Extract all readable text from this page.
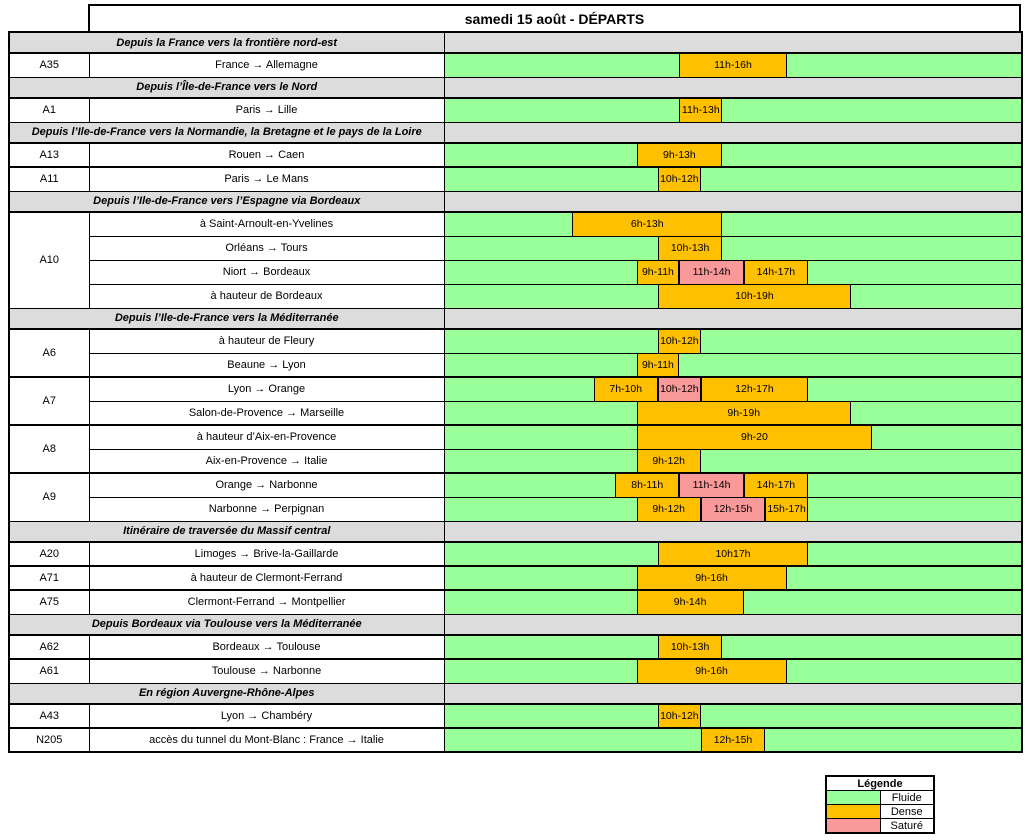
samedi 15 août - DÉPARTS
Depuis la France vers la frontière nord-est		
A35	France → Allemagne	11h-16h

Depuis l’Île-de-France vers le Nord		
A1	Paris → Lille	11h-13h

Depuis l’Ile-de-France vers la Normandie, la Bretagne et le pays de la Loire		
A13	Rouen → Caen	9h-13h

A11	Paris → Le Mans	10h-12h

Depuis l’Ile-de-France vers l’Espagne via Bordeaux		
A10	à Saint-Arnoult-en-Yvelines	6h-13h

	Orléans → Tours	10h-13h

	Niort → Bordeaux	9h-11h 11h-14h 14h-17h

	à hauteur de Bordeaux	10h-19h

Depuis l’Ile-de-France vers la Méditerranée		
A6	à hauteur de Fleury	10h-12h

	Beaune → Lyon	9h-11h

A7	Lyon → Orange	7h-10h 10h-12h 12h-17h

	Salon-de-Provence → Marseille	9h-19h

A8	à hauteur d’Aix-en-Provence	9h-20

	Aix-en-Provence → Italie	9h-12h

A9	Orange → Narbonne	8h-11h 11h-14h 14h-17h

	Narbonne → Perpignan	9h-12h 12h-15h 15h-17h

Itinéraire de traversée du Massif central		
A20	Limoges → Brive-la-Gaillarde	10h17h

A71	à hauteur de Clermont-Ferrand	9h-16h

A75	Clermont-Ferrand → Montpellier	9h-14h

Depuis Bordeaux via Toulouse vers la Méditerranée		
A62	Bordeaux → Toulouse	10h-13h

A61	Toulouse → Narbonne	9h-16h

En région Auvergne-Rhône-Alpes		
A43	Lyon → Chambéry	10h-12h

N205	accès du tunnel du Mont-Blanc : France → Italie	12h-15h
Légende	
	Fluide
	Dense
	Saturé
